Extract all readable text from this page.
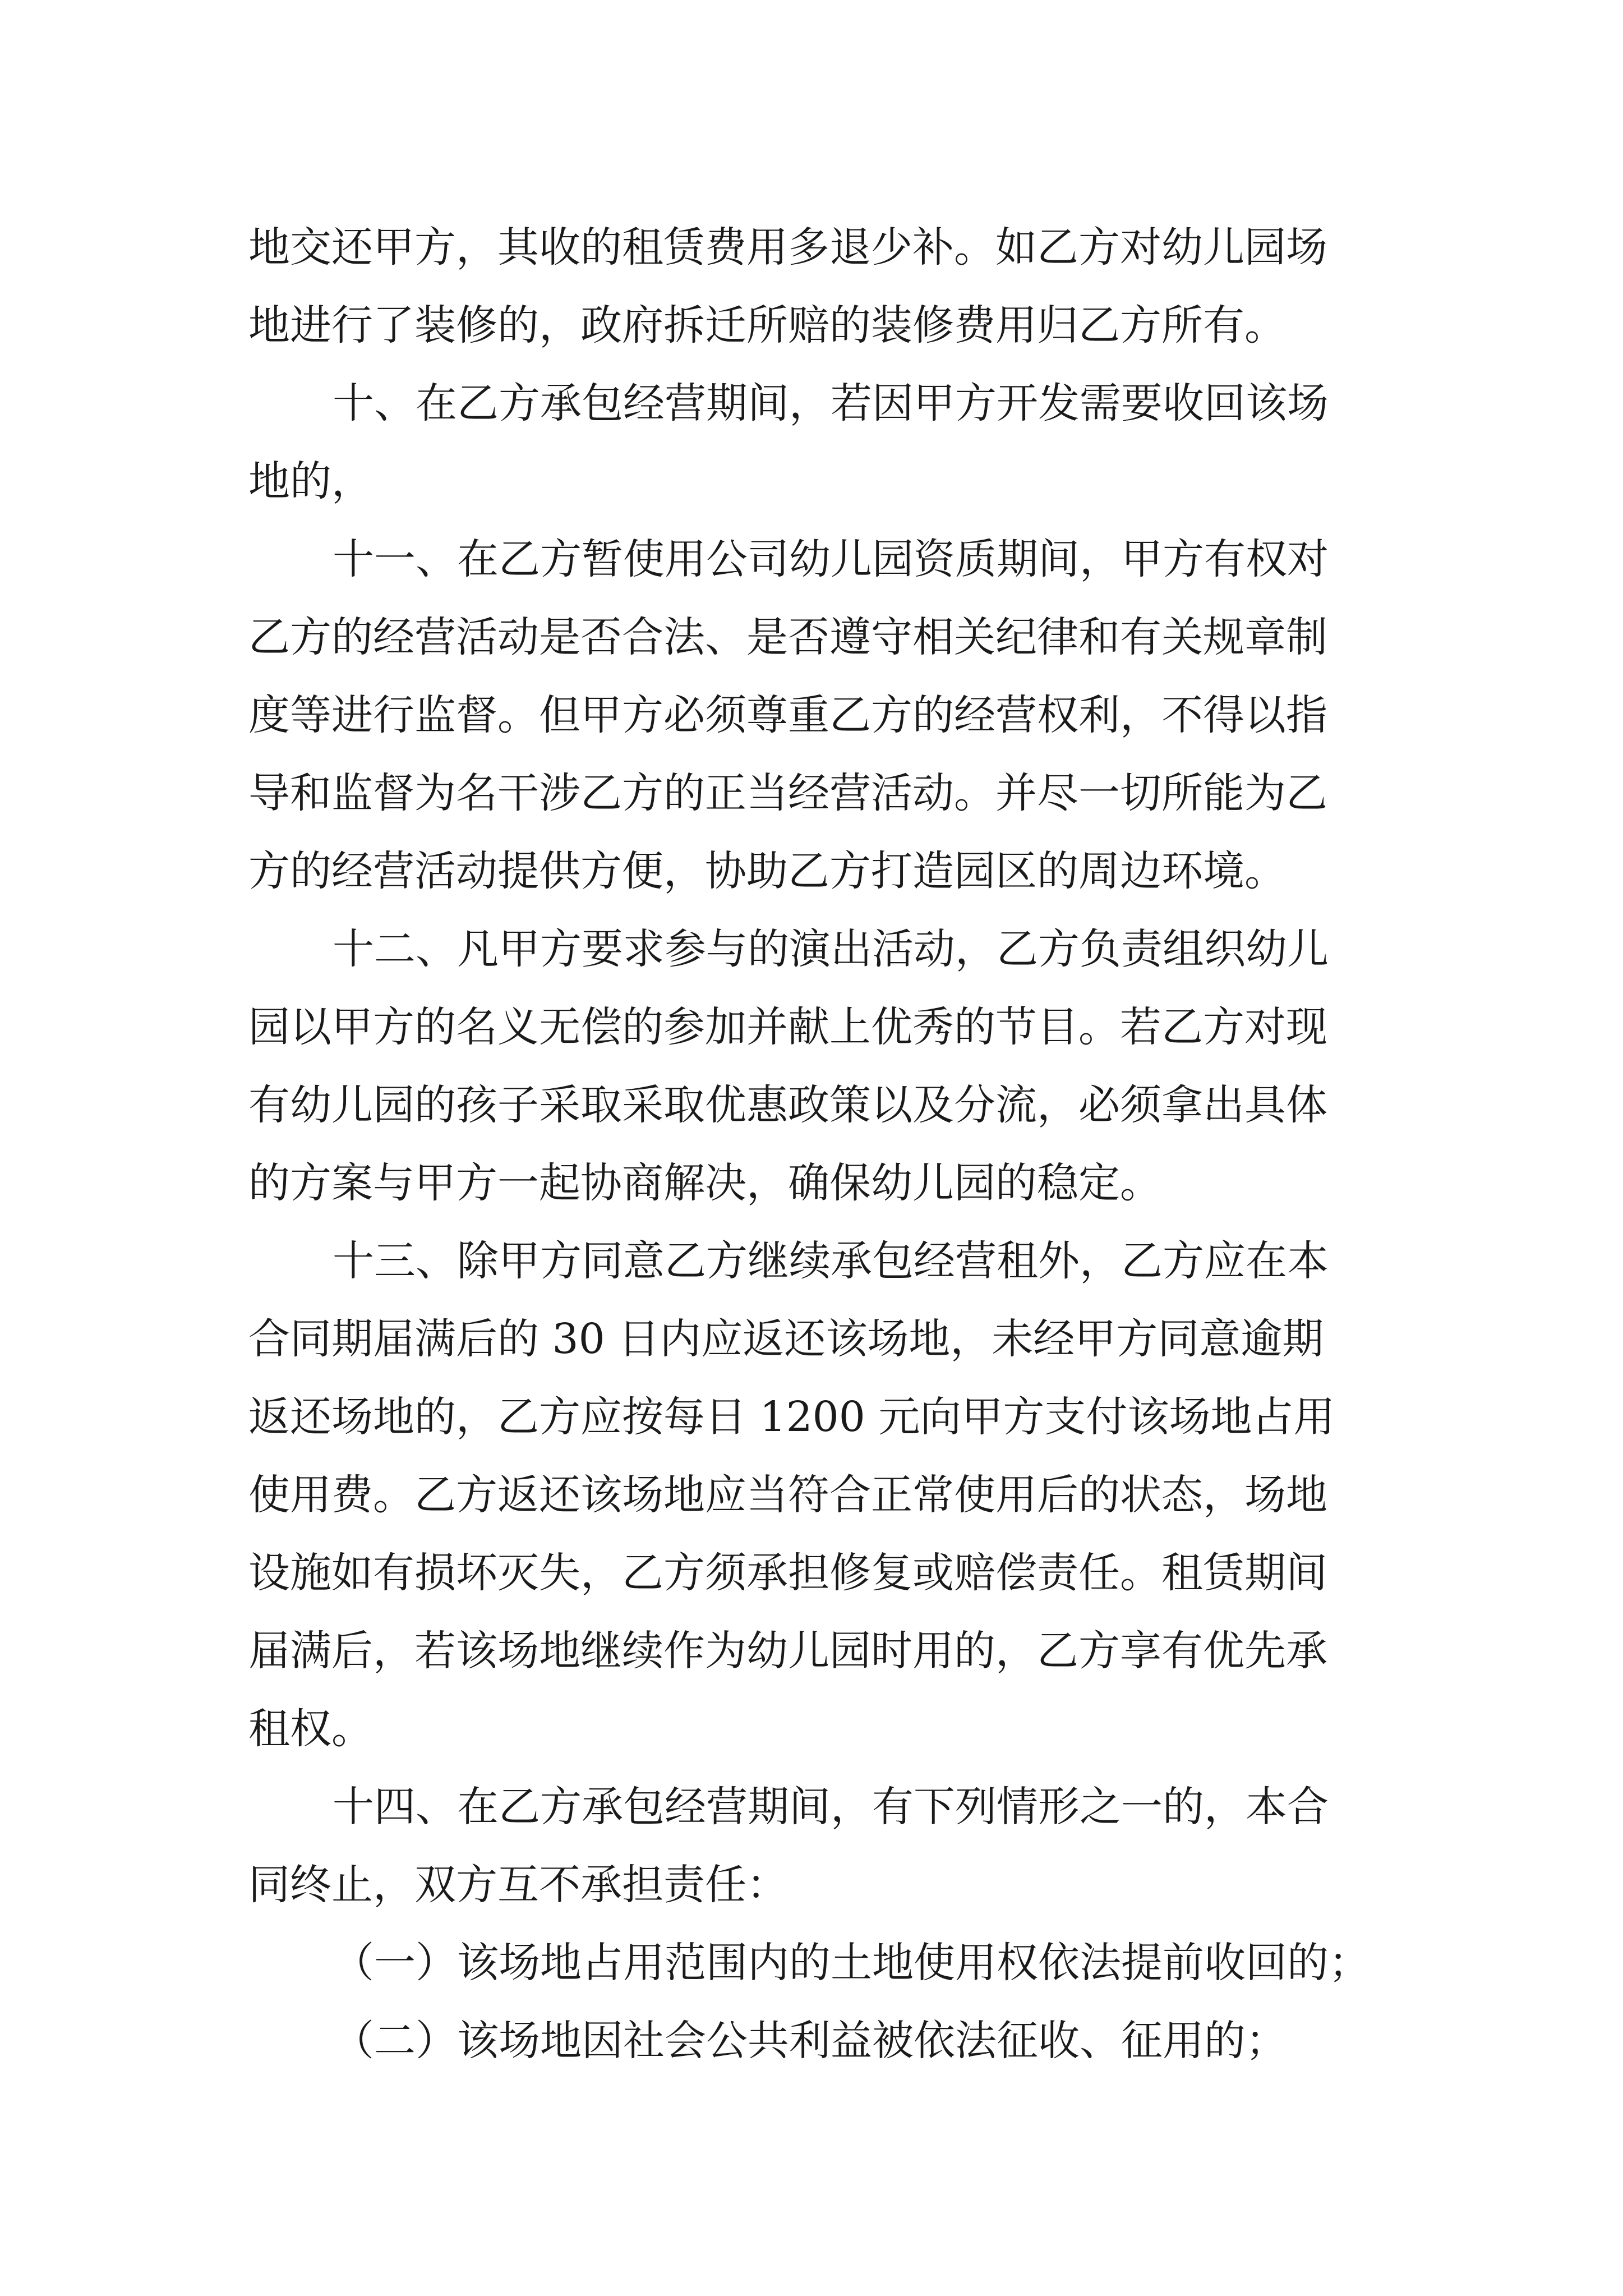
地交还甲方，其收的租赁费用多退少补。如乙方对幼儿园场
地进行了装修的，政府拆迁所赔的装修费用归乙方所有。
十、在乙方承包经营期间，若因甲方开发需要收回该场
地的，
十一、在乙方暂使用公司幼儿园资质期间，甲方有权对
乙方的经营活动是否合法、是否遵守相关纪律和有关规章制
度等进行监督。但甲方必须尊重乙方的经营权利，不得以指
导和监督为名干涉乙方的正当经营活动。并尽一切所能为乙
方的经营活动提供方便，协助乙方打造园区的周边环境。
十二、凡甲方要求参与的演出活动，乙方负责组织幼儿
园以甲方的名义无偿的参加并献上优秀的节目。若乙方对现
有幼儿园的孩子采取采取优惠政策以及分流，必须拿出具体
的方案与甲方一起协商解决，确保幼儿园的稳定。
十三、除甲方同意乙方继续承包经营租外，乙方应在本
合同期届满后的 30 日内应返还该场地，未经甲方同意逾期
返还场地的，乙方应按每日 1200 元向甲方支付该场地占用
使用费。乙方返还该场地应当符合正常使用后的状态，场地
设施如有损坏灭失，乙方须承担修复或赔偿责任。租赁期间
届满后，若该场地继续作为幼儿园时用的，乙方享有优先承
租权。
十四、在乙方承包经营期间，有下列情形之一的，本合
同终止，双方互不承担责任：
（一）该场地占用范围内的土地使用权依法提前收回的；
（二）该场地因社会公共利益被依法征收、征用的；
